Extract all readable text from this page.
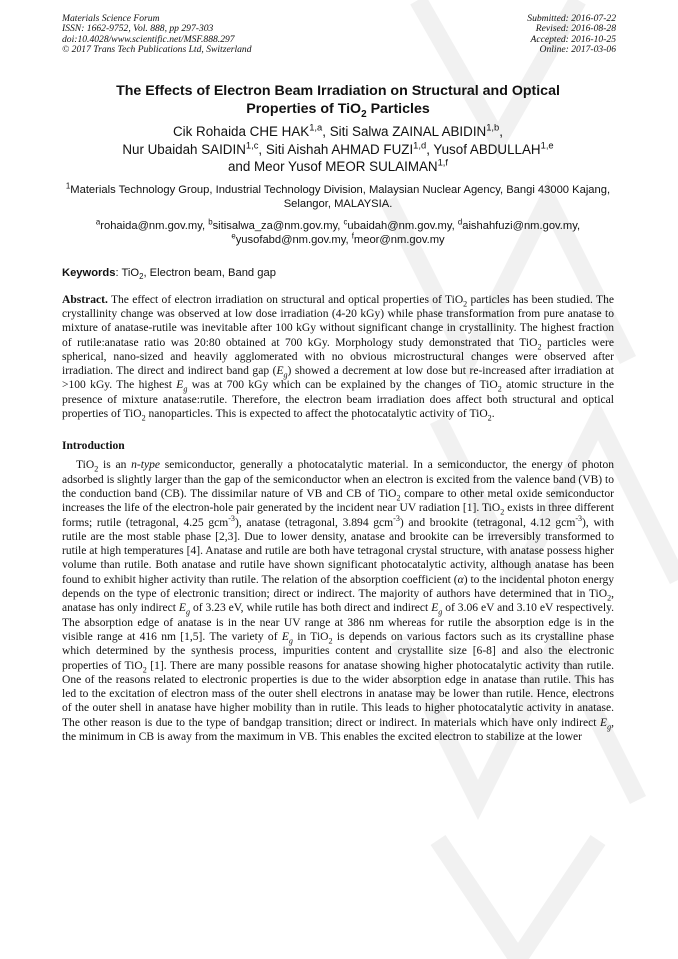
Materials Science Forum
ISSN: 1662-9752, Vol. 888, pp 297-303
doi:10.4028/www.scientific.net/MSF.888.297
© 2017 Trans Tech Publications Ltd, Switzerland
Submitted: 2016-07-22
Revised: 2016-08-28
Accepted: 2016-10-25
Online: 2017-03-06
The Effects of Electron Beam Irradiation on Structural and Optical
Properties of TiO$_2$ Particles
Cik Rohaida CHE HAK$^{1,a}$, Siti Salwa ZAINAL ABIDIN$^{1,b}$,
Nur Ubaidah SAIDIN$^{1,c}$, Siti Aishah AHMAD FUZI$^{1,d}$, Yusof ABDULLAH$^{1,e}$
and Meor Yusof MEOR SULAIMAN$^{1,f}$
$^1$Materials Technology Group, Industrial Technology Division, Malaysian Nuclear Agency, Bangi 43000 Kajang, Selangor, MALAYSIA.
$^a$rohaida@nm.gov.my, $^b$sitisalwa_za@nm.gov.my, $^c$ubaidah@nm.gov.my, $^d$aishahfuzi@nm.gov.my,
$^e$yusofabd@nm.gov.my, $^f$meor@nm.gov.my
Keywords: TiO$_2$, Electron beam, Band gap

Abstract. The effect of electron irradiation on structural and optical properties of TiO$_2$ particles has been studied. The crystallinity change was observed at low dose irradiation (4-20 kGy) while phase transformation from pure anatase to mixture of anatase-rutile was inevitable after 100 kGy without significant change in crystallinity. The highest fraction of rutile:anatase ratio was 20:80 obtained at 700 kGy. Morphology study demonstrated that TiO$_2$ particles were spherical, nano-sized and heavily agglomerated with no obvious microstructural changes were observed after irradiation. The direct and indirect band gap $(E_g)$ showed a decrement at low dose but re-increased after irradiation at >100 kGy. The highest $E_g$ was at 700 kGy which can be explained by the changes of TiO$_2$ atomic structure in the presence of mixture anatase:rutile. Therefore, the electron beam irradiation does affect both structural and optical properties of TiO$_2$ nanoparticles. This is expected to affect the photocatalytic activity of TiO$_2$.

Introduction

TiO$_2$ is an n-type semiconductor, generally a photocatalytic material. In a semiconductor, the energy of photon adsorbed is slightly larger than the gap of the semiconductor when an electron is excited from the valence band (VB) to the conduction band (CB). The dissimilar nature of VB and CB of TiO$_2$ compare to other metal oxide semiconductor increases the life of the electron-hole pair generated by the incident near UV radiation [1]. TiO$_2$ exists in three different forms; rutile (tetragonal, 4.25 gcm$^{-3}$), anatase (tetragonal, 3.894 gcm$^{-3}$) and brookite (tetragonal, 4.12 gcm$^{-3}$), with rutile are the most stable phase [2,3]. Due to lower density, anatase and brookite can be irreversibly transformed to rutile at high temperatures [4]. Anatase and rutile are both have tetragonal crystal structure, with anatase possess higher volume than rutile. Both anatase and rutile have shown significant photocatalytic activity, although anatase has been found to exhibit higher activity than rutile. The relation of the absorption coefficient (α) to the incidental photon energy depends on the type of electronic transition; direct or indirect. The majority of authors have determined that in TiO$_2$, anatase has only indirect $E_g$ of 3.23 eV, while rutile has both direct and indirect $E_g$ of 3.06 eV and 3.10 eV respectively. The absorption edge of anatase is in the near UV range at 386 nm whereas for rutile the absorption edge is in the visible range at 416 nm [1,5]. The variety of $E_g$ in TiO$_2$ is depends on various factors such as its crystalline phase which determined by the synthesis process, impurities content and crystallite size [6-8] and also the electronic properties of TiO$_2$ [1]. There are many possible reasons for anatase showing higher photocatalytic activity than rutile. One of the reasons related to electronic properties is due to the wider absorption edge in anatase than rutile. This has led to the excitation of electron mass of the outer shell electrons in anatase may be lower than rutile. Hence, electrons of the outer shell in anatase have higher mobility than in rutile. This leads to higher photocatalytic activity in anatase. The other reason is due to the type of bandgap transition; direct or indirect. In materials which have only indirect $E_g$, the minimum in CB is away from the maximum in VB. This enables the excited electron to stabilize at the lower
